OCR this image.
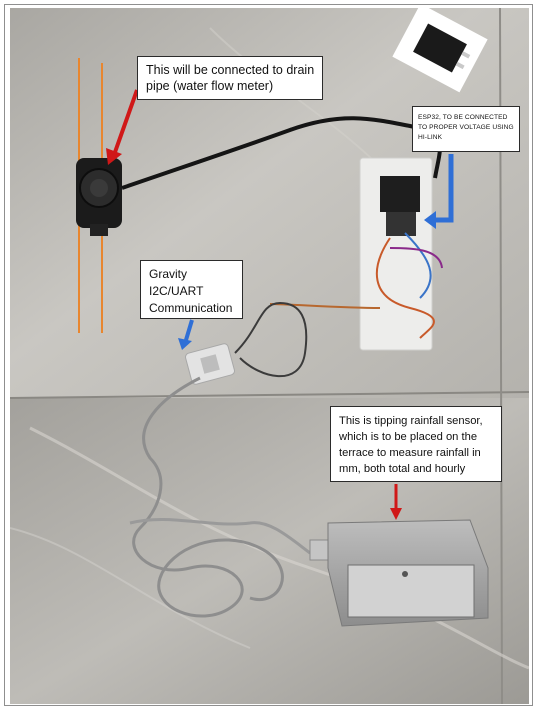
This will be connected to drain
pipe (water flow meter)
ESP32, TO BE CONNECTED
TO PROPER VOLTAGE USING
HI-LINK
Gravity
I2C/UART
Communication
This is tipping rainfall sensor,
which is to be placed on the
terrace to measure rainfall in
mm, both total and hourly
